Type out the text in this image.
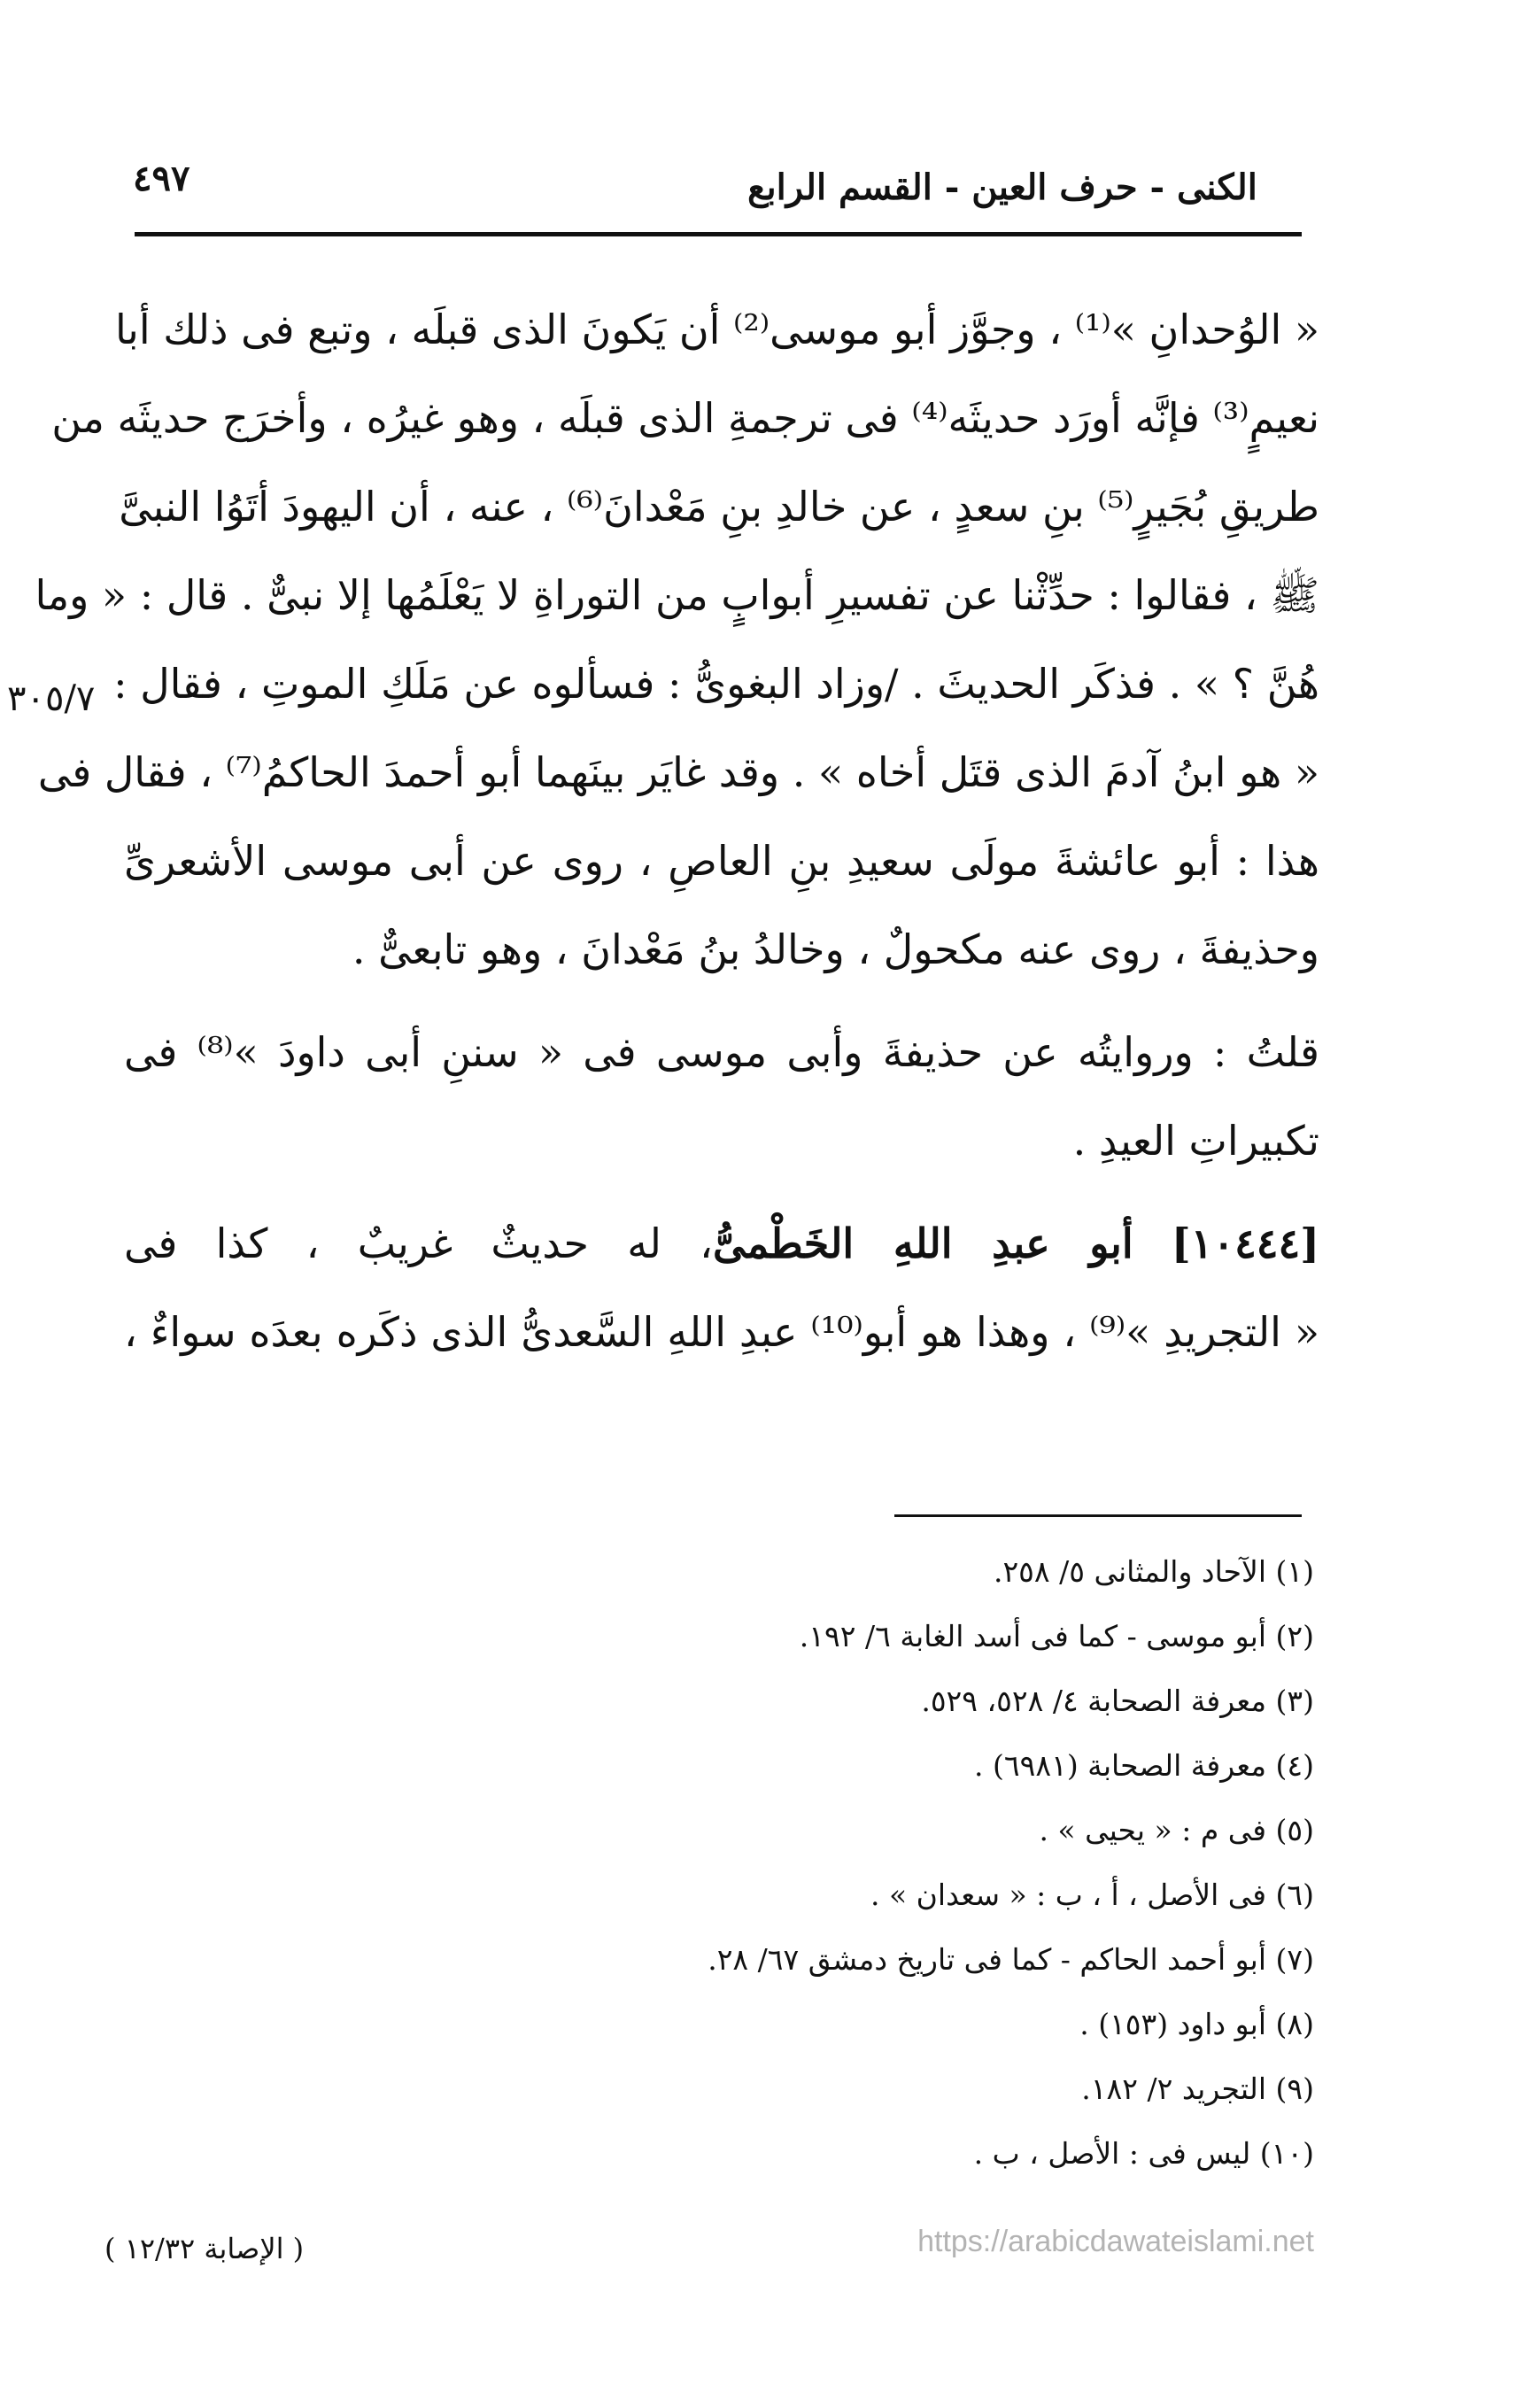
الكنى - حرف العين - القسم الرابع
٤٩٧
٣٠٥/٧
« الوُحدانِ »⁽¹⁾ ، وجوَّز أبو موسى⁽²⁾ أن يَكونَ الذى قبلَه ، وتبع فى ذلك أبا
نعيمٍ⁽³⁾ فإنَّه أورَد حديثَه⁽⁴⁾ فى ترجمةِ الذى قبلَه ، وهو غيرُه ، وأخرَج حديثَه من
طريقِ بُجَيرٍ⁽⁵⁾ بنِ سعدٍ ، عن خالدِ بنِ مَعْدانَ⁽⁶⁾ ، عنه ، أن اليهودَ أتَوُا النبىَّ
ﷺ ، فقالوا : حدِّثْنا عن تفسيرِ أبوابٍ من التوراةِ لا يَعْلَمُها إلا نبىٌّ . قال : « وما
هُنَّ ؟ » . فذكَر الحديثَ . /وزاد البغوىُّ : فسألوه عن مَلَكِ الموتِ ، فقال :
« هو ابنُ آدمَ الذى قتَل أخاه » . وقد غايَر بينَهما أبو أحمدَ الحاكمُ⁽⁷⁾ ، فقال فى
هذا : أبو عائشةَ مولَى سعيدِ بنِ العاصِ ، روى عن أبى موسى الأشعرىِّ
وحذيفةَ ، روى عنه مكحولٌ ، وخالدُ بنُ مَعْدانَ ، وهو تابعىٌّ .
قلتُ : وروايتُه عن حذيفةَ وأبى موسى فى « سننِ أبى داودَ »⁽⁸⁾ فى
تكبيراتِ العيدِ .
[١٠٤٤٤] أبو عبدِ اللهِ الخَطْمىُّ، له حديثٌ غريبٌ ، كذا فى
« التجريدِ »⁽⁹⁾ ، وهذا هو أبو⁽¹⁰⁾ عبدِ اللهِ السَّعدىُّ الذى ذكَره بعدَه سواءٌ ،
(١) الآحاد والمثانى ٥/ ٢٥٨.
(٢) أبو موسى - كما فى أسد الغابة ٦/ ١٩٢.
(٣) معرفة الصحابة ٤/ ٥٢٨، ٥٢٩.
(٤) معرفة الصحابة (٦٩٨١) .
(٥) فى م : « يحيى » .
(٦) فى الأصل ، أ ، ب : « سعدان » .
(٧) أبو أحمد الحاكم - كما فى تاريخ دمشق ٦٧/ ٢٨.
(٨) أبو داود (١٥٣) .
(٩) التجريد ٢/ ١٨٢.
(١٠) ليس فى : الأصل ، ب .
( الإصابة ١٢/٣٢ )	https://arabicdawateislami.net
